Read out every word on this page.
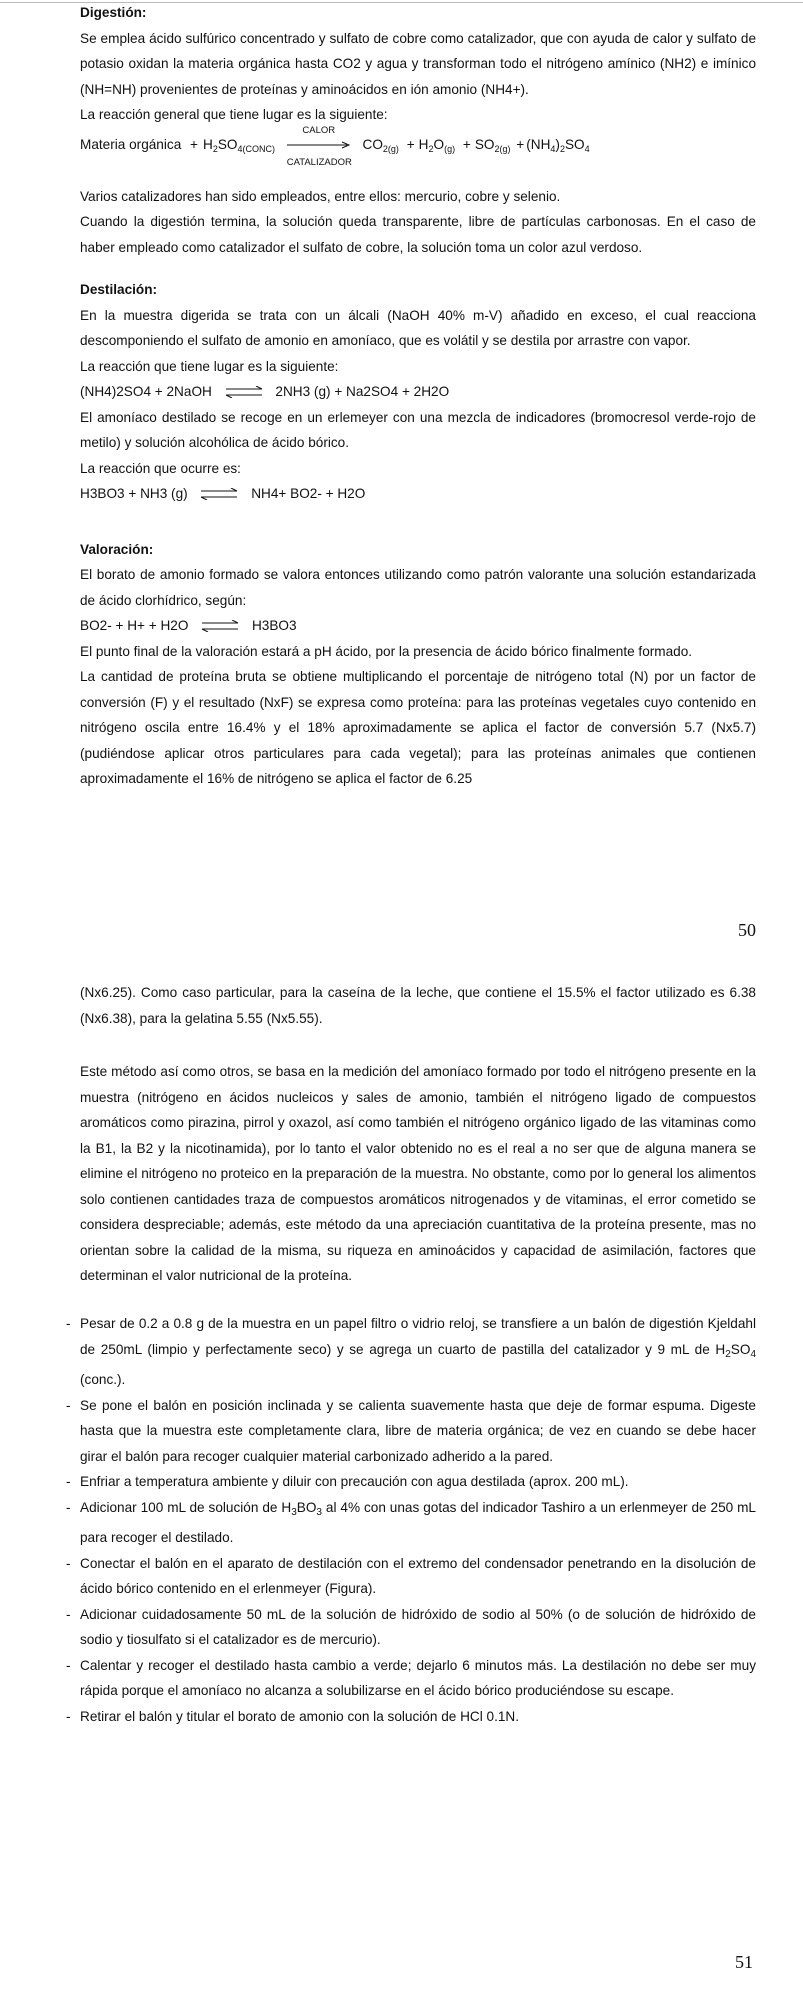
Digestión:

Se emplea ácido sulfúrico concentrado y sulfato de cobre como catalizador, que con ayuda de calor y sulfato de potasio oxidan la materia orgánica hasta CO2 y agua y transforman todo el nitrógeno amínico (NH2) e imínico (NH=NH) provenientes de proteínas y aminoácidos en ión amonio (NH4+).

La reacción general que tiene lugar es la siguiente:

Materia orgánica + $H_2SO_{4(CONC)}$
CALOR
CATALIZADOR
$CO_{2(g)} + H_2O_{(g)} + SO_{2(g)} + (NH_4)_2SO_4$

Varios catalizadores han sido empleados, entre ellos: mercurio, cobre y selenio.

Cuando la digestión termina, la solución queda transparente, libre de partículas carbonosas. En el caso de haber empleado como catalizador el sulfato de cobre, la solución toma un color azul verdoso.

Destilación:

En la muestra digerida se trata con un álcali (NaOH 40% m-V) añadido en exceso, el cual reacciona descomponiendo el sulfato de amonio en amoníaco, que es volátil y se destila por arrastre con vapor.

La reacción que tiene lugar es la siguiente:

(NH4)2SO4 + 2NaOH ⇌ 2NH3 (g) + Na2SO4 + 2H2O

El amoníaco destilado se recoge en un erlemeyer con una mezcla de indicadores (bromocresol verde-rojo de metilo) y solución alcohólica de ácido bórico.

La reacción que ocurre es:

H3BO3 + NH3 (g) ⇌ NH4+ BO2- + H2O

Valoración:

El borato de amonio formado se valora entonces utilizando como patrón valorante una solución estandarizada de ácido clorhídrico, según:

BO2- + H+ + H2O ⇌ H3BO3

El punto final de la valoración estará a pH ácido, por la presencia de ácido bórico finalmente formado.

La cantidad de proteína bruta se obtiene multiplicando el porcentaje de nitrógeno total (N) por un factor de conversión (F) y el resultado (NxF) se expresa como proteína: para las proteínas vegetales cuyo contenido en nitrógeno oscila entre 16.4% y el 18% aproximadamente se aplica el factor de conversión 5.7 (Nx5.7) (pudiéndose aplicar otros particulares para cada vegetal); para las proteínas animales que contienen aproximadamente el 16% de nitrógeno se aplica el factor de 6.25

50

(Nx6.25). Como caso particular, para la caseína de la leche, que contiene el 15.5% el factor utilizado es 6.38 (Nx6.38), para la gelatina 5.55 (Nx5.55).

Este método así como otros, se basa en la medición del amoníaco formado por todo el nitrógeno presente en la muestra (nitrógeno en ácidos nucleicos y sales de amonio, también el nitrógeno ligado de compuestos aromáticos como pirazina, pirrol y oxazol, así como también el nitrógeno orgánico ligado de las vitaminas como la B1, la B2 y la nicotinamida), por lo tanto el valor obtenido no es el real a no ser que de alguna manera se elimine el nitrógeno no proteico en la preparación de la muestra. No obstante, como por lo general los alimentos solo contienen cantidades traza de compuestos aromáticos nitrogenados y de vitaminas, el error cometido se considera despreciable; además, este método da una apreciación cuantitativa de la proteína presente, mas no orientan sobre la calidad de la misma, su riqueza en aminoácidos y capacidad de asimilación, factores que determinan el valor nutricional de la proteína.

- Pesar de 0.2 a 0.8 g de la muestra en un papel filtro o vidrio reloj, se transfiere a un balón de digestión Kjeldahl de 250mL (limpio y perfectamente seco) y se agrega un cuarto de pastilla del catalizador y 9 mL de $H_2SO_4$ (conc.).
- Se pone el balón en posición inclinada y se calienta suavemente hasta que deje de formar espuma. Digeste hasta que la muestra este completamente clara, libre de materia orgánica; de vez en cuando se debe hacer girar el balón para recoger cualquier material carbonizado adherido a la pared.
- Enfriar a temperatura ambiente y diluir con precaución con agua destilada (aprox. 200 mL).
- Adicionar 100 mL de solución de $H_3BO_3$ al 4% con unas gotas del indicador Tashiro a un erlenmeyer de 250 mL para recoger el destilado.
- Conectar el balón en el aparato de destilación con el extremo del condensador penetrando en la disolución de ácido bórico contenido en el erlenmeyer (Figura).
- Adicionar cuidadosamente 50 mL de la solución de hidróxido de sodio al 50% (o de solución de hidróxido de sodio y tiosulfato si el catalizador es de mercurio).
- Calentar y recoger el destilado hasta cambio a verde; dejarlo 6 minutos más. La destilación no debe ser muy rápida porque el amoníaco no alcanza a solubilizarse en el ácido bórico produciéndose su escape.
- Retirar el balón y titular el borato de amonio con la solución de HCl 0.1N.
51
